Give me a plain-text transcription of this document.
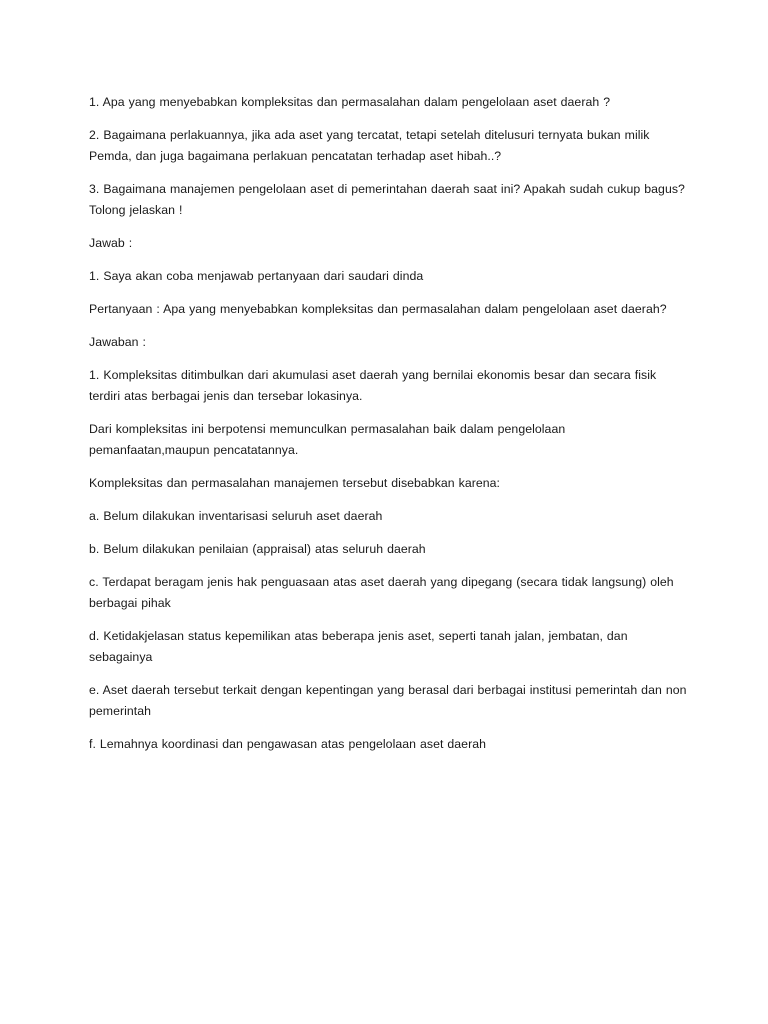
1. Apa yang menyebabkan kompleksitas dan permasalahan dalam pengelolaan aset daerah ?

2. Bagaimana perlakuannya, jika ada aset yang tercatat, tetapi setelah ditelusuri ternyata bukan milik Pemda, dan juga bagaimana perlakuan pencatatan terhadap aset hibah..?

3. Bagaimana manajemen pengelolaan aset di pemerintahan daerah saat ini? Apakah sudah cukup bagus? Tolong jelaskan !

Jawab :

1. Saya akan coba menjawab pertanyaan dari saudari dinda

Pertanyaan : Apa yang menyebabkan kompleksitas dan permasalahan dalam pengelolaan aset daerah?

Jawaban :

1. Kompleksitas ditimbulkan dari akumulasi aset daerah yang bernilai ekonomis besar dan secara fisik terdiri atas berbagai jenis dan tersebar lokasinya.

Dari kompleksitas ini berpotensi memunculkan permasalahan baik dalam pengelolaan pemanfaatan,maupun pencatatannya.

Kompleksitas dan permasalahan manajemen tersebut disebabkan karena:

a. Belum dilakukan inventarisasi seluruh aset daerah

b. Belum dilakukan penilaian (appraisal) atas seluruh daerah

c. Terdapat beragam jenis hak penguasaan atas aset daerah yang dipegang (secara tidak langsung) oleh berbagai pihak

d. Ketidakjelasan status kepemilikan atas beberapa jenis aset, seperti tanah jalan, jembatan, dan sebagainya

e. Aset daerah tersebut terkait dengan kepentingan yang berasal dari berbagai institusi pemerintah dan non pemerintah

f. Lemahnya koordinasi dan pengawasan atas pengelolaan aset daerah
